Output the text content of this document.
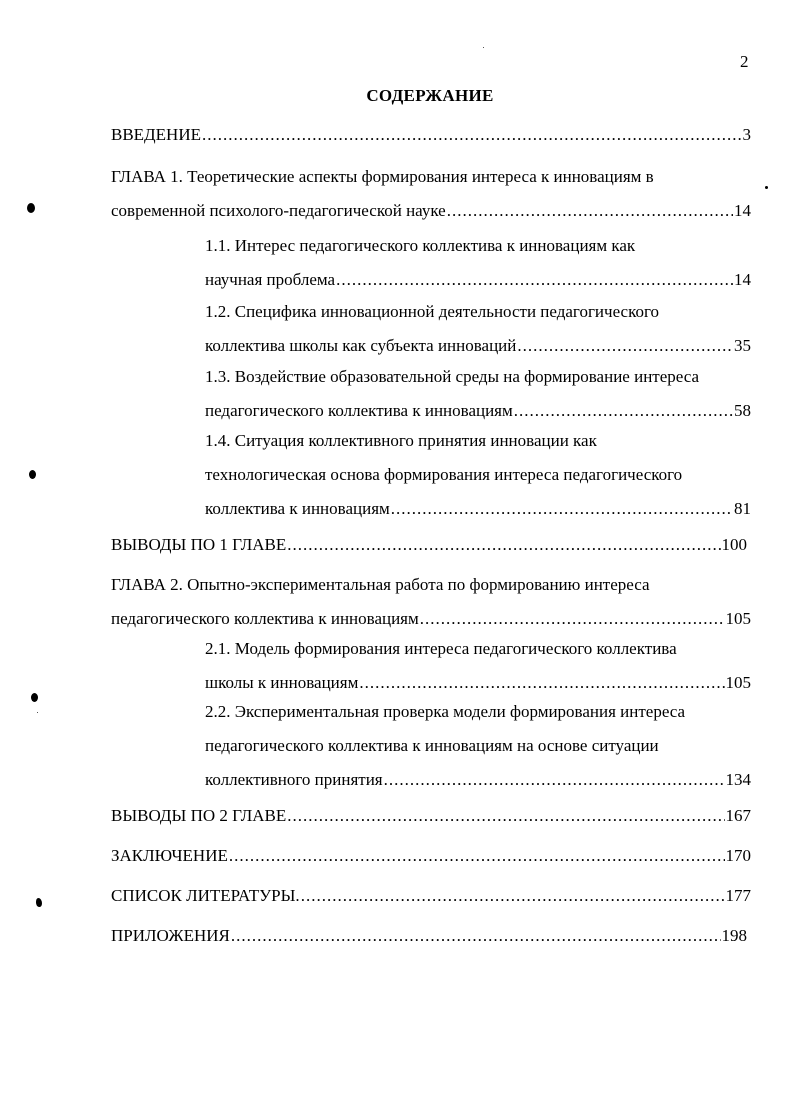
2
СОДЕРЖАНИЕ
ВВЕДЕНИЕ .....	3
ГЛАВА 1. Теоретические аспекты формирования интереса к инновациям в
современной психолого-педагогической науке .....	14
1.1. Интерес педагогического коллектива к инновациям как
научная проблема .....	14
1.2. Специфика инновационной деятельности педагогического
коллектива школы как субъекта инноваций .....	35
1.3. Воздействие образовательной среды на формирование интереса
педагогического коллектива к инновациям .....	58
1.4. Ситуация коллективного принятия инновации как
технологическая основа формирования интереса педагогического
коллектива к инновациям .....	81
ВЫВОДЫ ПО 1 ГЛАВЕ .....	100
ГЛАВА 2. Опытно-экспериментальная работа по формированию интереса
педагогического коллектива к инновациям .....	105
2.1. Модель формирования интереса педагогического коллектива
школы к инновациям .....	105
2.2. Экспериментальная проверка модели формирования интереса
педагогического коллектива к инновациям на основе ситуации
коллективного принятия .....	134
ВЫВОДЫ ПО 2 ГЛАВЕ .....	167
ЗАКЛЮЧЕНИЕ .....	170
СПИСОК ЛИТЕРАТУРЫ. .....	177
ПРИЛОЖЕНИЯ .....	198
